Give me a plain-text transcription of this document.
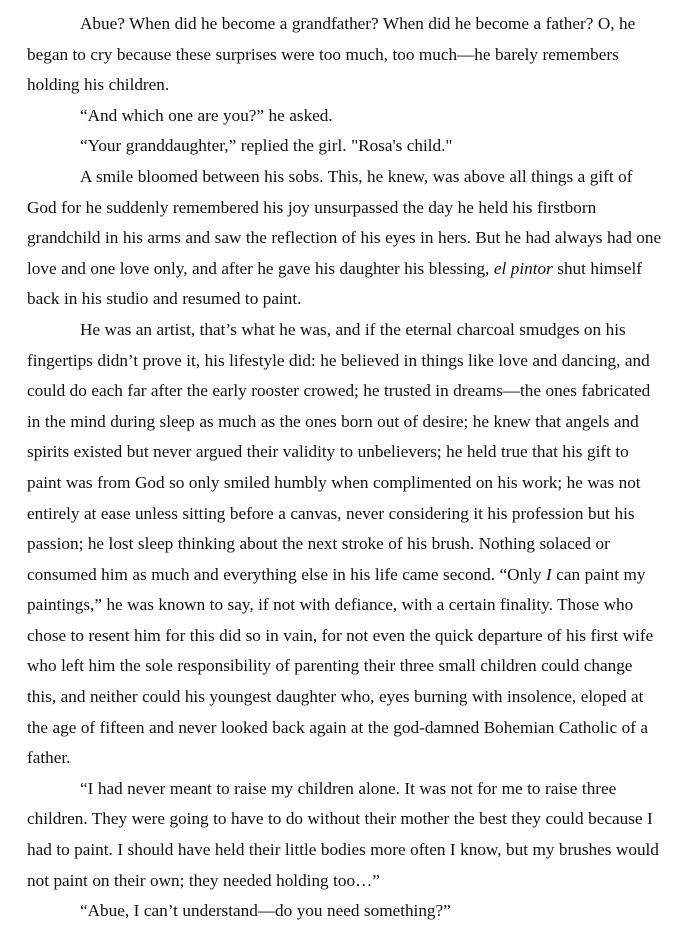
Abue? When did he become a grandfather? When did he become a father? O, he began to cry because these surprises were too much, too much—he barely remembers holding his children.

“And which one are you?” he asked.

“Your granddaughter,” replied the girl. "Rosa's child."

A smile bloomed between his sobs. This, he knew, was above all things a gift of God for he suddenly remembered his joy unsurpassed the day he held his firstborn grandchild in his arms and saw the reflection of his eyes in hers. But he had always had one love and one love only, and after he gave his daughter his blessing, el pintor shut himself back in his studio and resumed to paint.

He was an artist, that’s what he was, and if the eternal charcoal smudges on his fingertips didn’t prove it, his lifestyle did: he believed in things like love and dancing, and could do each far after the early rooster crowed; he trusted in dreams—the ones fabricated in the mind during sleep as much as the ones born out of desire; he knew that angels and spirits existed but never argued their validity to unbelievers; he held true that his gift to paint was from God so only smiled humbly when complimented on his work; he was not entirely at ease unless sitting before a canvas, never considering it his profession but his passion; he lost sleep thinking about the next stroke of his brush. Nothing solaced or consumed him as much and everything else in his life came second. “Only I can paint my paintings,” he was known to say, if not with defiance, with a certain finality. Those who chose to resent him for this did so in vain, for not even the quick departure of his first wife who left him the sole responsibility of parenting their three small children could change this, and neither could his youngest daughter who, eyes burning with insolence, eloped at the age of fifteen and never looked back again at the god-damned Bohemian Catholic of a father.

“I had never meant to raise my children alone. It was not for me to raise three children. They were going to have to do without their mother the best they could because I had to paint. I should have held their little bodies more often I know, but my brushes would not paint on their own; they needed holding too…”

“Abue, I can’t understand—do you need something?”
